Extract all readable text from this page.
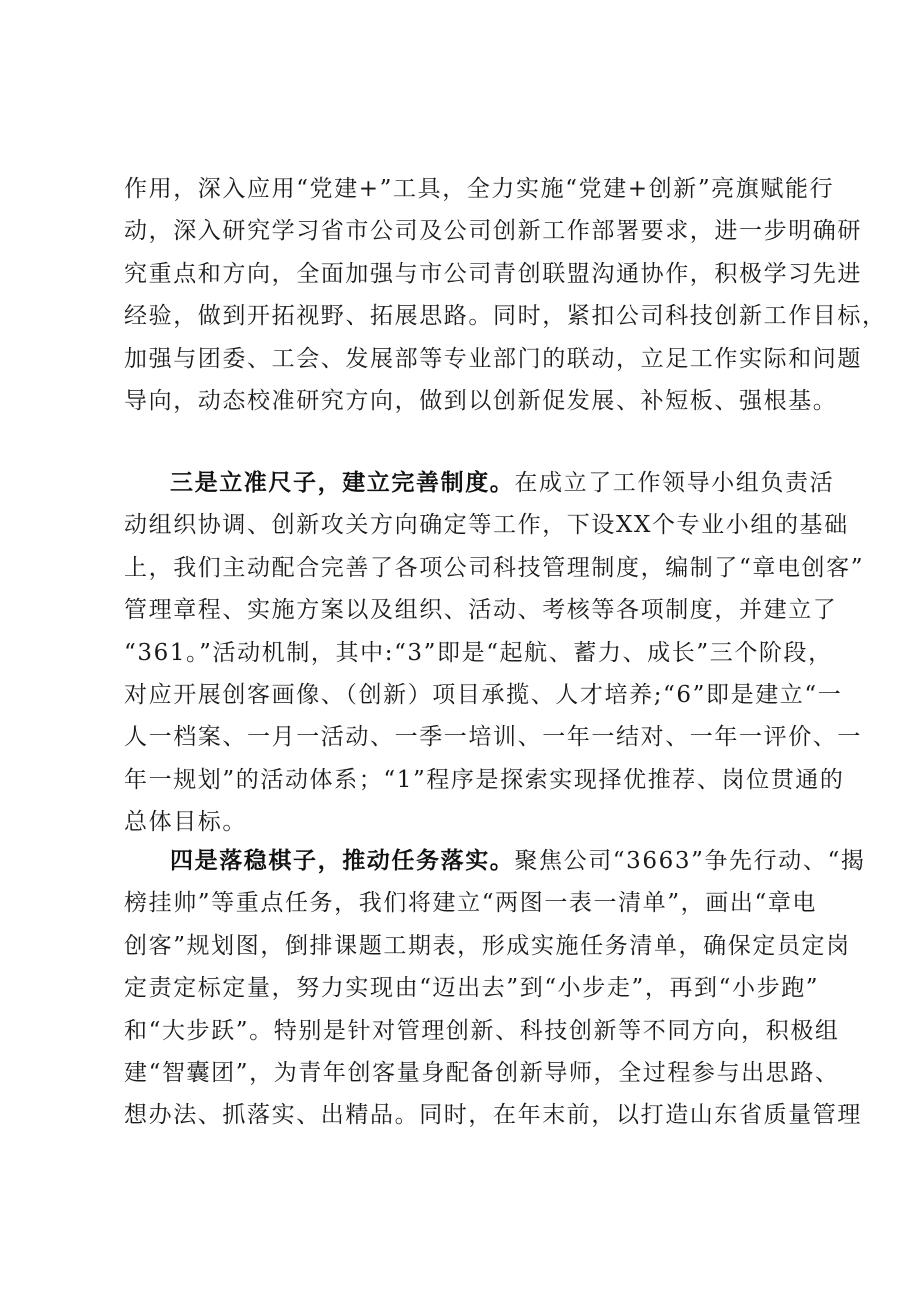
作用，深入应用“党建+”工具，全力实施“党建+创新”亮旗赋能行
动，深入研究学习省市公司及公司创新工作部署要求，进一步明确研
究重点和方向，全面加强与市公司青创联盟沟通协作，积极学习先进
经验，做到开拓视野、拓展思路。同时，紧扣公司科技创新工作目标，
加强与团委、工会、发展部等专业部门的联动，立足工作实际和问题
导向，动态校准研究方向，做到以创新促发展、补短板、强根基。
三是立准尺子，建立完善制度。在成立了工作领导小组负责活
动组织协调、创新攻关方向确定等工作，下设XX个专业小组的基础
上，我们主动配合完善了各项公司科技管理制度，编制了“章电创客”
管理章程、实施方案以及组织、活动、考核等各项制度，并建立了
“361。”活动机制，其中:“3”即是“起航、蓄力、成长”三个阶段，
对应开展创客画像、（创新）项目承揽、人才培养;“6”即是建立“一
人一档案、一月一活动、一季一培训、一年一结对、一年一评价、一
年一规划”的活动体系；“1”程序是探索实现择优推荐、岗位贯通的
总体目标。
四是落稳棋子，推动任务落实。聚焦公司“3663”争先行动、“揭
榜挂帅”等重点任务，我们将建立“两图一表一清单”，画出“章电
创客”规划图，倒排课题工期表，形成实施任务清单，确保定员定岗
定责定标定量，努力实现由“迈出去”到“小步走”，再到“小步跑”
和“大步跃”。特别是针对管理创新、科技创新等不同方向，积极组
建“智囊团”，为青年创客量身配备创新导师，全过程参与出思路、
想办法、抓落实、出精品。同时，在年末前，以打造山东省质量管理
